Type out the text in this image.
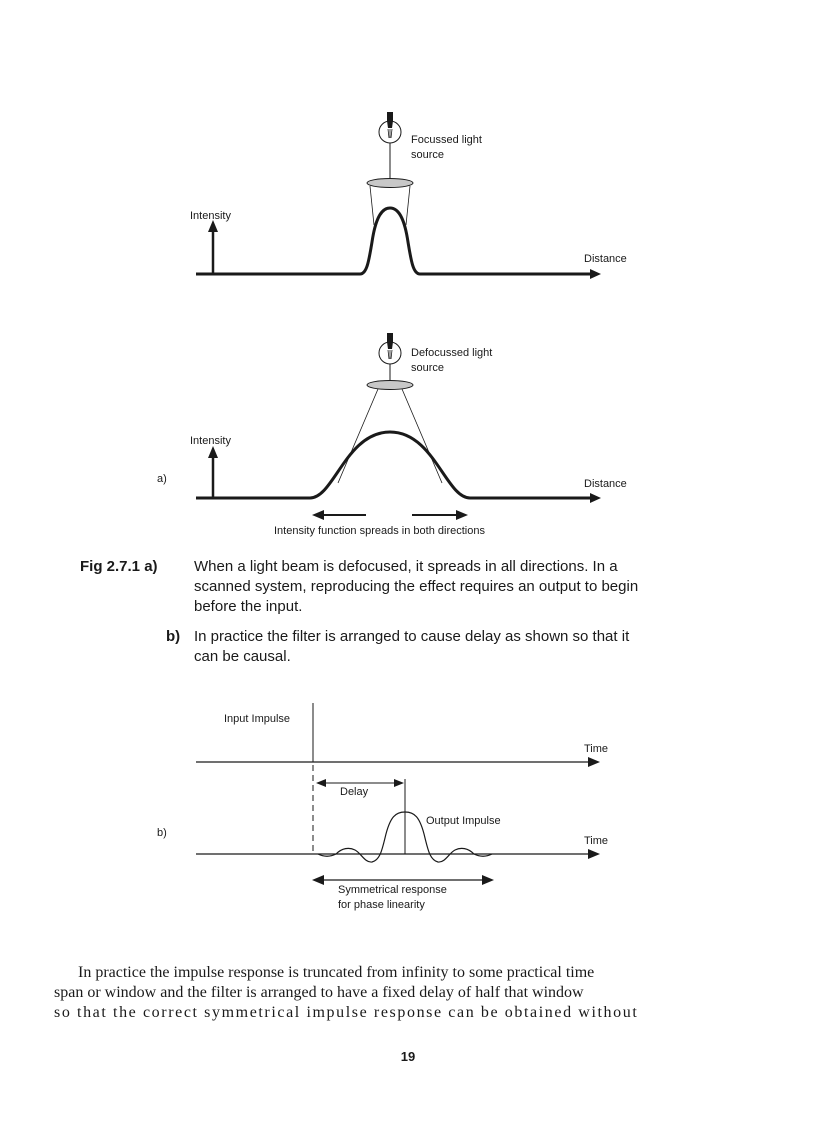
Focussed light
source
Intensity
Distance
Defocussed light
source
Intensity
Distance
Intensity function spreads in both directions
a)
Input Impulse
Time
Delay
Output Impulse
Time
Symmetrical response
for phase linearity
b)
Fig 2.7.1 a) When a light beam is defocused, it spreads in all directions. In a
scanned system, reproducing the effect requires an output to begin
before the input.
b) In practice the filter is arranged to cause delay as shown so that it
can be causal.
In practice the impulse response is truncated from infinity to some practical time
span or window and the filter is arranged to have a fixed delay of half that window
so that the correct symmetrical impulse response can be obtained without
19
